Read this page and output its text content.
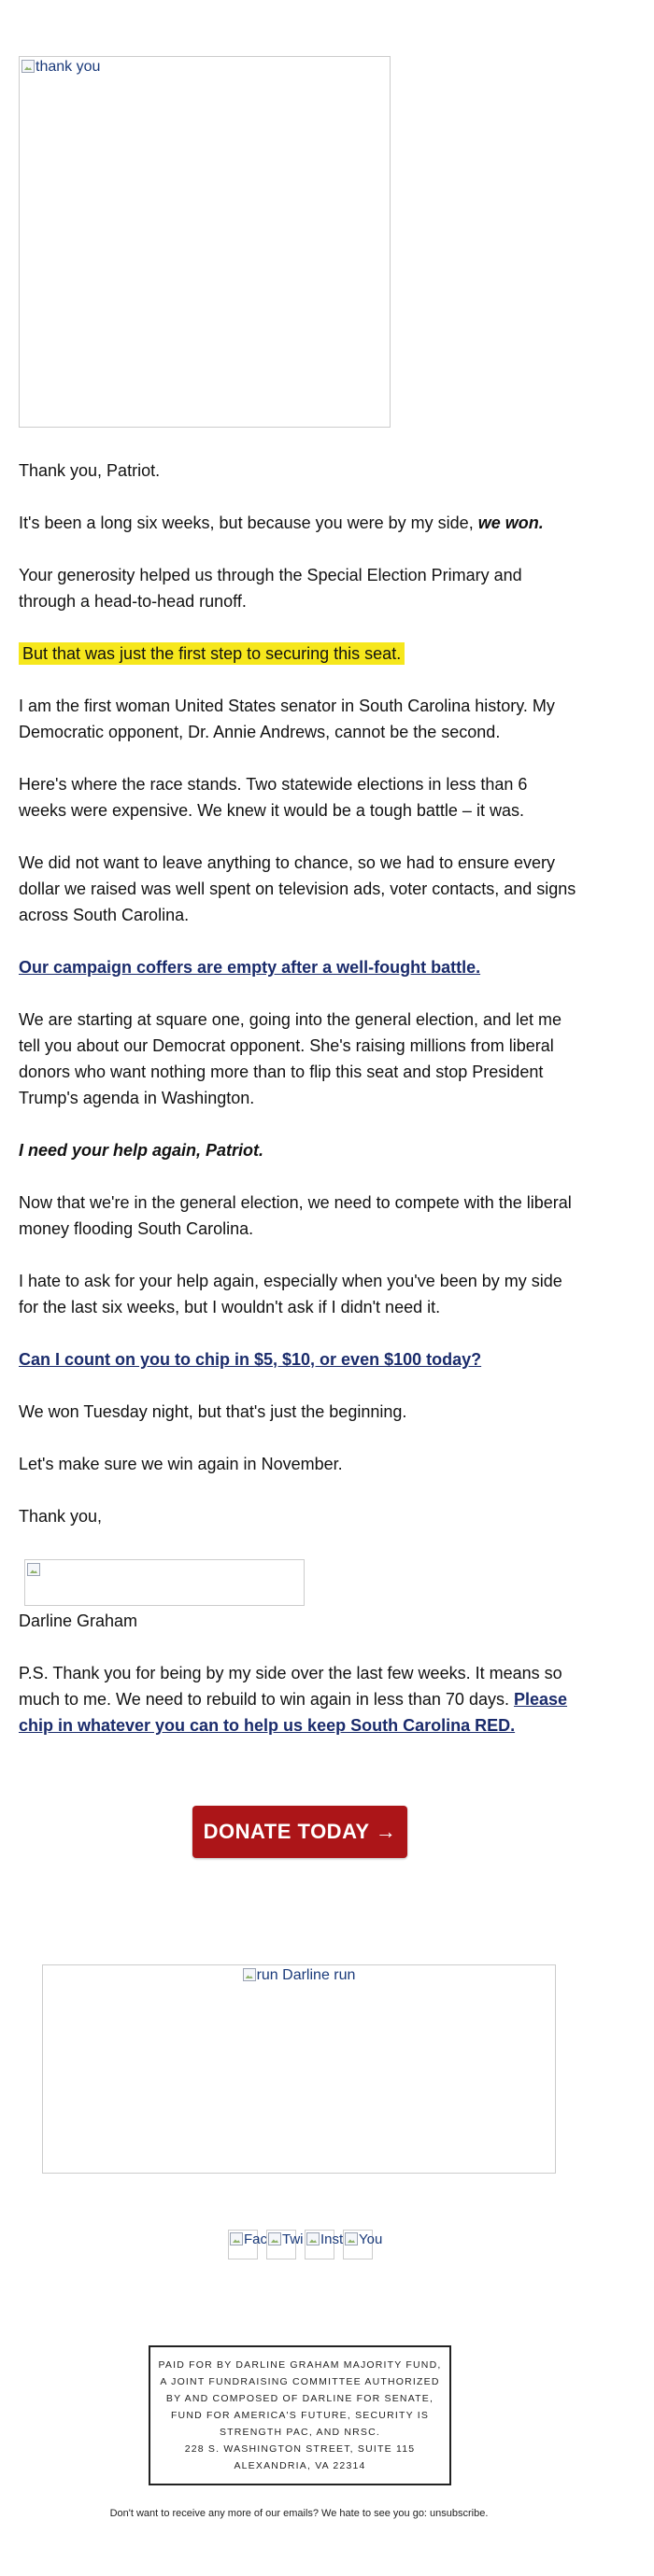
thank you

Thank you, Patriot.

It's been a long six weeks, but because you were by my side, we won.

Your generosity helped us through the Special Election Primary and through a head-to-head runoff.

But that was just the first step to securing this seat.

I am the first woman United States senator in South Carolina history. My Democratic opponent, Dr. Annie Andrews, cannot be the second.

Here's where the race stands. Two statewide elections in less than 6 weeks were expensive. We knew it would be a tough battle – it was.

We did not want to leave anything to chance, so we had to ensure every dollar we raised was well spent on television ads, voter contacts, and signs across South Carolina.

Our campaign coffers are empty after a well-fought battle.

We are starting at square one, going into the general election, and let me tell you about our Democrat opponent. She's raising millions from liberal donors who want nothing more than to flip this seat and stop President Trump's agenda in Washington.

I need your help again, Patriot.

Now that we're in the general election, we need to compete with the liberal money flooding South Carolina.

I hate to ask for your help again, especially when you've been by my side for the last six weeks, but I wouldn't ask if I didn't need it.

Can I count on you to chip in $5, $10, or even $100 today?

We won Tuesday night, but that's just the beginning.

Let's make sure we win again in November.

Thank you,

Darline Graham

P.S. Thank you for being by my side over the last few weeks. It means so much to me. We need to rebuild to win again in less than 70 days. Please chip in whatever you can to help us keep South Carolina RED.

DONATE TODAY →
run Darline run
Fac Twi Inst You
PAID FOR BY DARLINE GRAHAM MAJORITY FUND,
A JOINT FUNDRAISING COMMITTEE AUTHORIZED
BY AND COMPOSED OF DARLINE FOR SENATE,
FUND FOR AMERICA'S FUTURE, SECURITY IS
STRENGTH PAC, AND NRSC.
228 S. WASHINGTON STREET, SUITE 115
ALEXANDRIA, VA 22314
Don't want to receive any more of our emails? We hate to see you go: unsubscribe.
